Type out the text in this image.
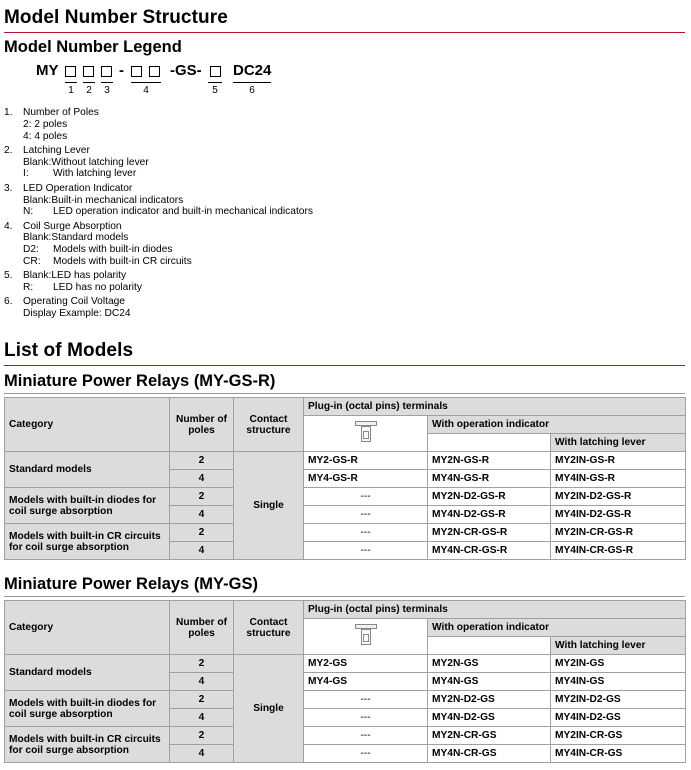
Model Number Structure
Model Number Legend
MY	-	-GS- DC24
1 2 3	4	5	6
1. Number of Poles
2: 2 poles
4: 4 poles
2. Latching Lever
Blank: Without latching lever
I:	With latching lever
3. LED Operation Indicator
Blank: Built-in mechanical indicators
N:	LED operation indicator and built-in mechanical indicators
4. Coil Surge Absorption
Blank: Standard models
D2:	Models with built-in diodes
CR:	Models with built-in CR circuits
5. Blank:LED has polarity
R:	LED has no polarity
6. Operating Coil Voltage
Display Example: DC24
List of Models
Miniature Power Relays (MY-GS-R)
Category	Number of poles	Contact structure	Plug-in (octal pins) terminals		

				With operation indicator	
					With latching lever
Standard models	2	Single	MY2-GS-R	MY2N-GS-R	MY2IN-GS-R
	4		MY4-GS-R	MY4N-GS-R	MY4IN-GS-R
Models with built-in diodes for coil surge absorption	2		---	MY2N-D2-GS-R	MY2IN-D2-GS-R
	4		---	MY4N-D2-GS-R	MY4IN-D2-GS-R
Models with built-in CR circuits for coil surge absorption	2		---	MY2N-CR-GS-R	MY2IN-CR-GS-R
	4		---	MY4N-CR-GS-R	MY4IN-CR-GS-R
Miniature Power Relays (MY-GS)
Category	Number of poles	Contact structure	Plug-in (octal pins) terminals		

				With operation indicator	
					With latching lever
Standard models	2	Single	MY2-GS	MY2N-GS	MY2IN-GS
	4		MY4-GS	MY4N-GS	MY4IN-GS
Models with built-in diodes for coil surge absorption	2		---	MY2N-D2-GS	MY2IN-D2-GS
	4		---	MY4N-D2-GS	MY4IN-D2-GS
Models with built-in CR circuits for coil surge absorption	2		---	MY2N-CR-GS	MY2IN-CR-GS
	4		---	MY4N-CR-GS	MY4IN-CR-GS
